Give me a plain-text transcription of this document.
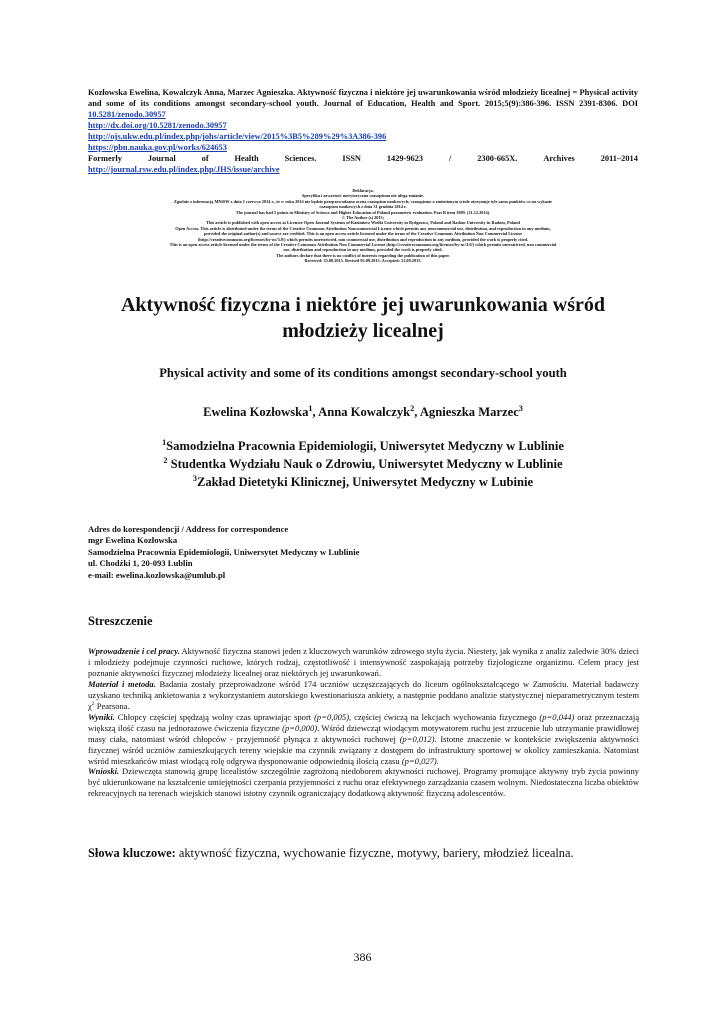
Kozłowska Ewelina, Kowalczyk Anna, Marzec Agnieszka. Aktywność fizyczna i niektóre jej uwarunkowania wśród młodzieży licealnej = Physical activity and some of its conditions amongst secondary-school youth. Journal of Education, Health and Sport. 2015;5(9):386-396. ISSN 2391-8306. DOI 10.5281/zenodo.30957

http://dx.doi.org/10.5281/zenodo.30957

http://ojs.ukw.edu.pl/index.php/johs/article/view/2015%3B5%289%29%3A386-396

https://pbn.nauka.gov.pl/works/624653

Formerly	Journal	of	Health	Sciences.	ISSN	1429-9623	/	2300-665X.	Archives	2011–2014

http://journal.rsw.edu.pl/index.php/JHS/issue/archive

Deklaracja.

Specyfika i zawartość merytoryczna czasopisma nie ulega zmianie.

Zgodnie z informacją MNiSW z dnia 2 czerwca 2014 r., że w roku 2014 nie będzie przeprowadzana ocena czasopism naukowych; czasopismo o zmienionym tytule otrzymuje tyle samo punktów co na wykazie

czasopism naukowych z dnia 31 grudnia 2014 r.

The journal has had 5 points in Ministry of Science and Higher Education of Poland parametric evaluation. Part B item 1089. (31.12.2014).

© The Author (s) 2015;

This article is published with open access at Licensee Open Journal Systems of Kazimierz Wielki University in Bydgoszcz, Poland and Radom University in Radom, Poland

Open Access. This article is distributed under the terms of the Creative Commons Attribution Noncommercial License which permits any noncommercial use, distribution, and reproduction in any medium,

provided the original author(s) and source are credited. This is an open access article licensed under the terms of the Creative Commons Attribution Non Commercial License

(http://creativecommons.org/licenses/by-nc/3.0/) which permits unrestricted, non commercial use, distribution and reproduction in any medium, provided the work is properly cited.

This is an open access article licensed under the terms of the Creative Commons Attribution Non Commercial License (http://creativecommons.org/licenses/by-nc/3.0/) which permits unrestricted, non commercial

use, distribution and reproduction in any medium, provided the work is properly cited.

The authors declare that there is no conflict of interests regarding the publication of this paper.

Received: 25.08.2015. Revised 05.09.2015. Accepted: 13.09.2015.

Aktywność fizyczna i niektóre jej uwarunkowania wśród
młodzieży licealnej

Physical activity and some of its conditions amongst secondary-school youth

Ewelina Kozłowska$^1$, Anna Kowalczyk$^2$, Agnieszka Marzec$^3$

$^1$Samodzielna Pracownia Epidemiologii, Uniwersytet Medyczny w Lublinie

$^2$ Studentka Wydziału Nauk o Zdrowiu, Uniwersytet Medyczny w Lublinie

$^3$Zakład Dietetyki Klinicznej, Uniwersytet Medyczny w Lubinie

Adres do korespondencji / Address for correspondence

mgr Ewelina Kozłowska

Samodzielna Pracownia Epidemiologii, Uniwersytet Medyczny w Lublinie

ul. Chodźki 1, 20-093 Lublin

e-mail: ewelina.kozlowska@umlub.pl

Streszczenie

Wprowadzenie i cel pracy. Aktywność fizyczna stanowi jeden z kluczowych warunków zdrowego stylu życia. Niestety, jak wynika z analiz zaledwie 30% dzieci i młodzieży podejmuje czynności ruchowe, których rodzaj, częstotliwość i intensywność zaspokajają potrzeby fizjologiczne organizmu. Celem pracy jest poznanie aktywności fizycznej młodzieży licealnej oraz niektórych jej uwarunkowań.

Materiał i metoda. Badania zostały przeprowadzone wśród 174 uczniów uczęszczających do liceum ogólnokształcącego w Zamościu. Materiał badawczy uzyskano techniką ankietowania z wykorzystaniem autorskiego kwestionariusza ankiety, a następnie poddano analizie statystycznej nieparametrycznym testem $\chi^2$ Pearsona.

Wyniki. Chłopcy częściej spędzają wolny czas uprawiając sport (p=0,005), częściej ćwiczą na lekcjach wychowania fizycznego (p=0,044) oraz przeznaczają większą ilość czasu na jednorazowe ćwiczenia fizyczne (p=0,000). Wśród dziewcząt wiodącym motywatorem ruchu jest zrzucenie lub utrzymanie prawidłowej masy ciała, natomiast wśród chłopców - przyjemność płynąca z aktywności ruchowej (p=0,012). Istotne znaczenie w kontekście zwiększenia aktywności fizycznej wśród uczniów zamieszkujących tereny wiejskie ma czynnik związany z dostępem do infrastruktury sportowej w okolicy zamieszkania. Natomiast wśród mieszkańców miast wiodącą rolę odgrywa dysponowanie odpowiednią ilością czasu (p=0,027).

Wnioski. Dziewczęta stanowią grupę licealistów szczególnie zagrożoną niedoborem aktywności ruchowej. Programy promujące aktywny tryb życia powinny być ukierunkowane na kształcenie umiejętności czerpania przyjemności z ruchu oraz efektywnego zarządzania czasem wolnym. Niedostateczna liczba obiektów rekreacyjnych na terenach wiejskich stanowi istotny czynnik ograniczający dodatkową aktywność fizyczną adolescentów.

Słowa kluczowe: aktywność fizyczna, wychowanie fizyczne, motywy, bariery, młodzież licealna.

386
